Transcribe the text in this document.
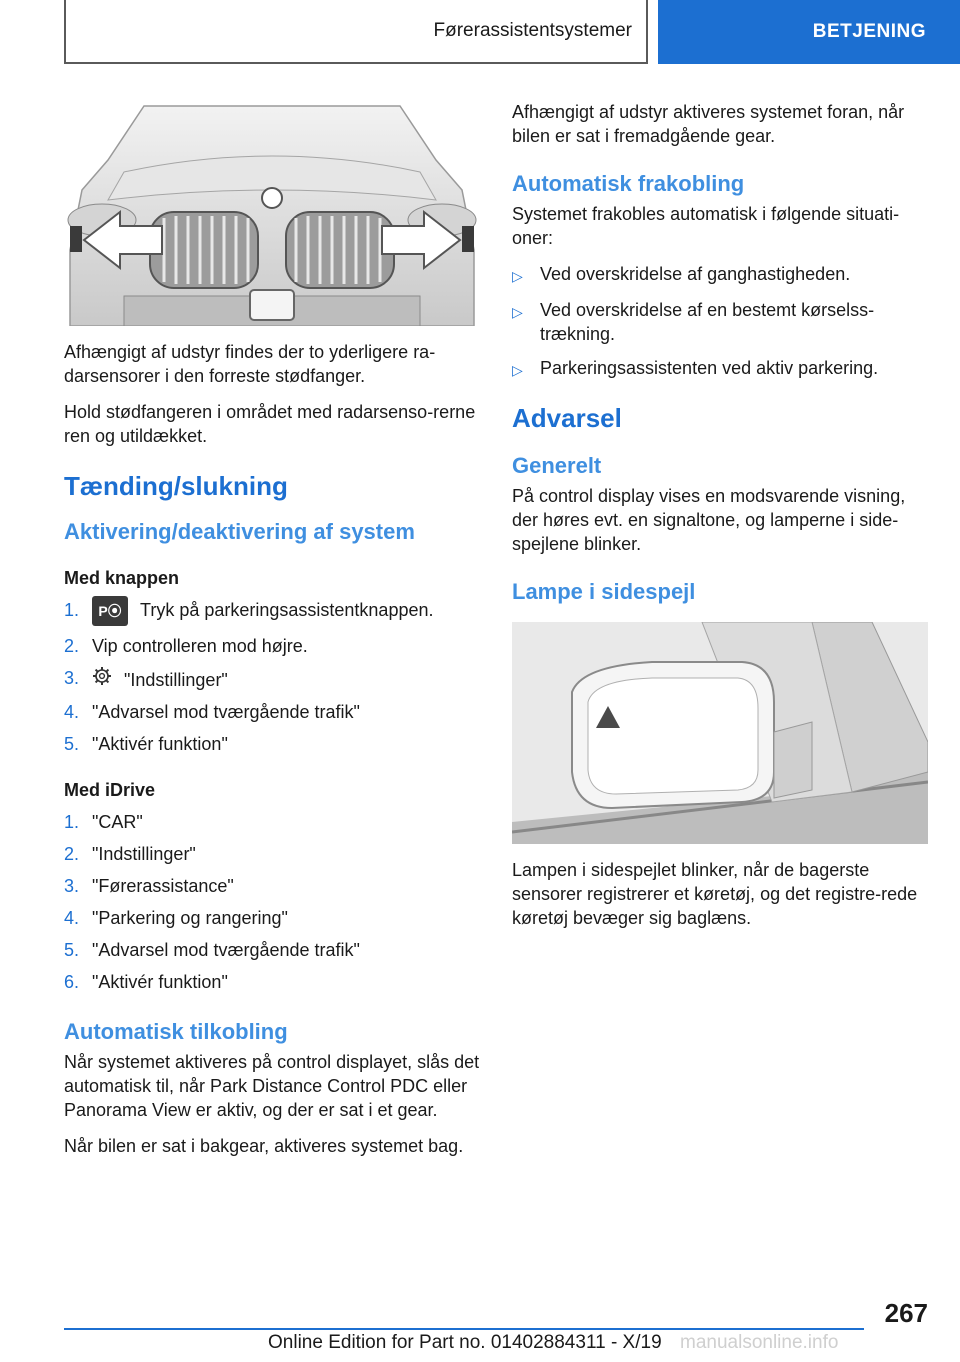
Førerassistentsystemer	BETJENING

Afhængigt af udstyr findes der to yderligere ra-darsensorer i den forreste stødfanger.

Hold stødfangeren i området med radarsenso-rerne ren og utildækket.

Tænding/slukning
Aktivering/deaktivering af system
Med knappen
1.	P⦿ Tryk på parkeringsassistentknappen.
2. Vip controlleren mod højre.
3.	"Indstillinger"
4. "Advarsel mod tværgående trafik"
5. "Aktivér funktion"
Med iDrive
1. "CAR"
2. "Indstillinger"
3. "Førerassistance"
4. "Parkering og rangering"
5. "Advarsel mod tværgående trafik"
6. "Aktivér funktion"
Automatisk tilkobling

Når systemet aktiveres på control displayet, slås det automatisk til, når Park Distance Control PDC eller Panorama View er aktiv, og der er sat i et gear.

Når bilen er sat i bakgear, aktiveres systemet bag.

Afhængigt af udstyr aktiveres systemet foran, når bilen er sat i fremadgående gear.

Automatisk frakobling

Systemet frakobles automatisk i følgende situati-oner:

▷ Ved overskridelse af ganghastigheden.
▷ Ved overskridelse af en bestemt kørselss-trækning.
▷ Parkeringsassistenten ved aktiv parkering.
Advarsel
Generelt

På control display vises en modsvarende visning, der høres evt. en signaltone, og lamperne i side-spejlene blinker.

Lampe i sidespejl

Lampen i sidespejlet blinker, når de bagerste sensorer registrerer et køretøj, og det registre-rede køretøj bevæger sig baglæns.

267
Online Edition for Part no. 01402884311 - X/19 manualsonline.info
